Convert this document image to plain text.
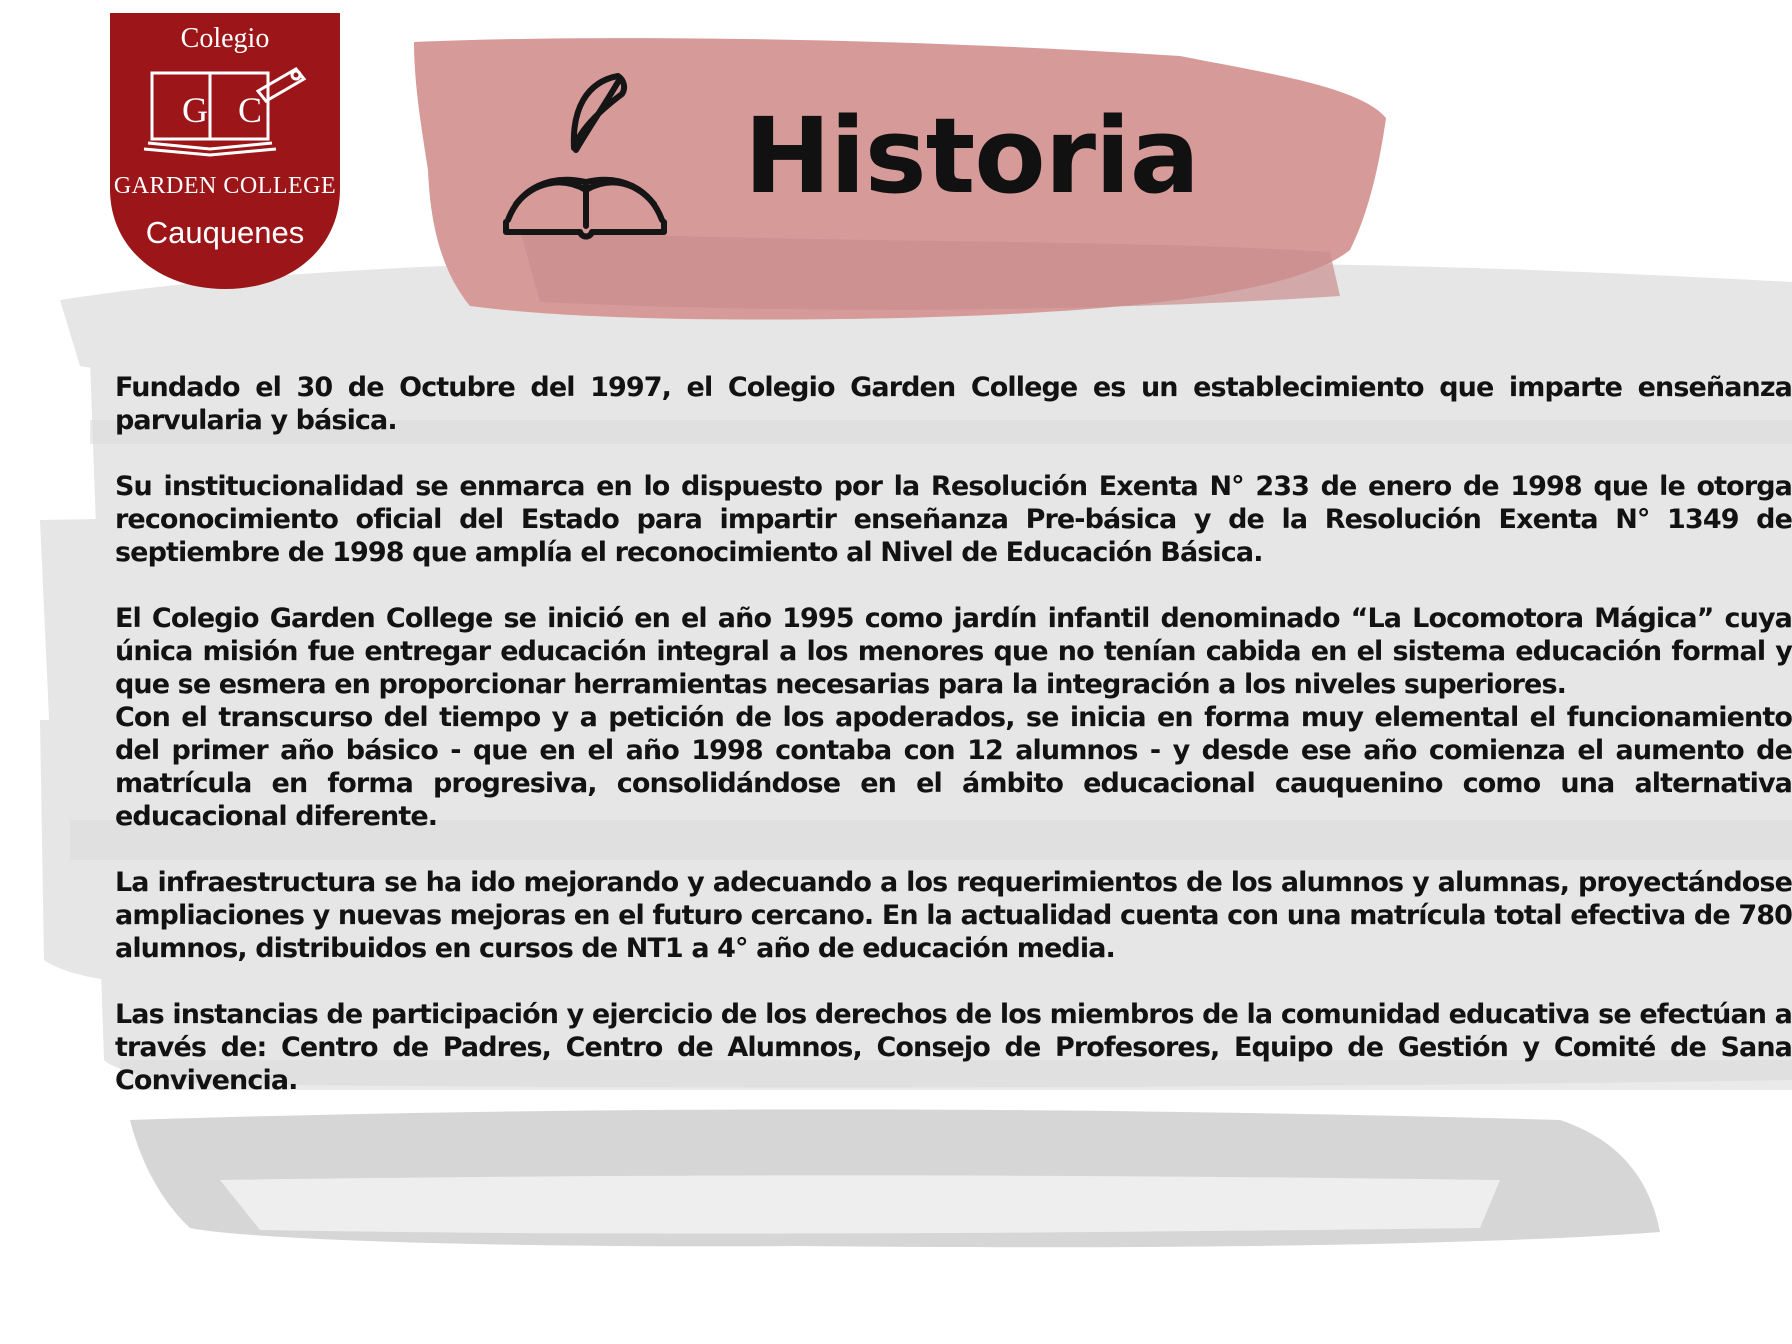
Colegio
G C
GARDEN COLLEGE
Cauquenes
Historia

Fundado el 30 de Octubre del 1997, el Colegio Garden College es un establecimiento que imparte enseñanza parvularia y básica.

Su institucionalidad se enmarca en lo dispuesto por la Resolución Exenta N° 233 de enero de 1998 que le otorga reconocimiento oficial del Estado para impartir enseñanza Pre-básica y de la Resolución Exenta N° 1349 de septiembre de 1998 que amplía el reconocimiento al Nivel de Educación Básica.

El Colegio Garden College se inició en el año 1995 como jardín infantil denominado “La Locomotora Mágica” cuya única misión fue entregar educación integral a los menores que no tenían cabida en el sistema educación formal y que se esmera en proporcionar herramientas necesarias para la integración a los niveles superiores.

Con el transcurso del tiempo y a petición de los apoderados, se inicia en forma muy elemental el funcionamiento del primer año básico - que en el año 1998 contaba con 12 alumnos - y desde ese año comienza el aumento de matrícula en forma progresiva, consolidándose en el ámbito educacional cauquenino como una alternativa educacional diferente.

La infraestructura se ha ido mejorando y adecuando a los requerimientos de los alumnos y alumnas, proyectándose ampliaciones y nuevas mejoras en el futuro cercano. En la actualidad cuenta con una matrícula total efectiva de 780 alumnos, distribuidos en cursos de NT1 a 4° año de educación media.

Las instancias de participación y ejercicio de los derechos de los miembros de la comunidad educativa se efectúan a través de: Centro de Padres, Centro de Alumnos, Consejo de Profesores, Equipo de Gestión y Comité de Sana Convivencia.
